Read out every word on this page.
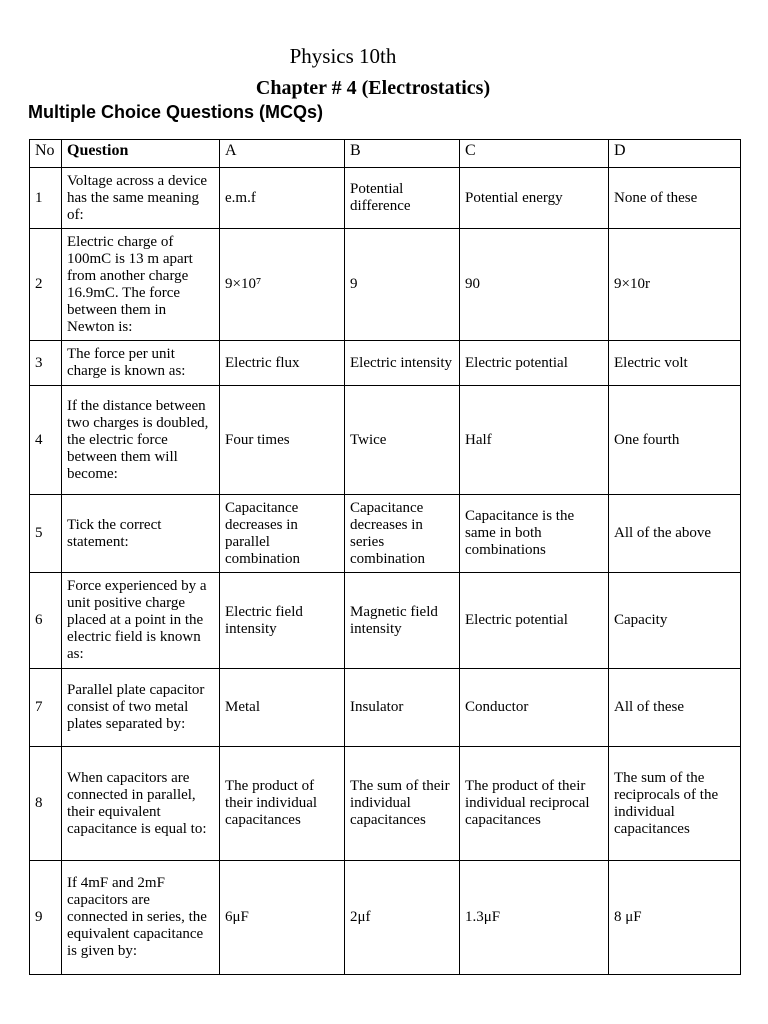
Physics 10th
Chapter # 4 (Electrostatics)
Multiple Choice Questions (MCQs)
No	Question	A	B	C	D
1	Voltage across a device has the same meaning of:	e.m.f	Potential difference	Potential energy	None of these
2	Electric charge of 100mC is 13 m apart from another charge 16.9mC. The force between them in Newton is:	9×10⁷	9	90	9×10r
3	The force per unit charge is known as:	Electric flux	Electric intensity	Electric potential	Electric volt
4	If the distance between two charges is doubled, the electric force between them will become:	Four times	Twice	Half	One fourth
5	Tick the correct statement:	Capacitance decreases in parallel combination	Capacitance decreases in series combination	Capacitance is the same in both combinations	All of the above
6	Force experienced by a unit positive charge placed at a point in the electric field is known as:	Electric field intensity	Magnetic field intensity	Electric potential	Capacity
7	Parallel plate capacitor consist of two metal plates separated by:	Metal	Insulator	Conductor	All of these
8	When capacitors are connected in parallel, their equivalent capacitance is equal to:	The product of their individual capacitances	The sum of their individual capacitances	The product of their individual reciprocal capacitances	The sum of the reciprocals of the individual capacitances
9	If 4mF and 2mF capacitors are connected in series, the equivalent capacitance is given by:	6μF	2μf	1.3μF	8 μF
